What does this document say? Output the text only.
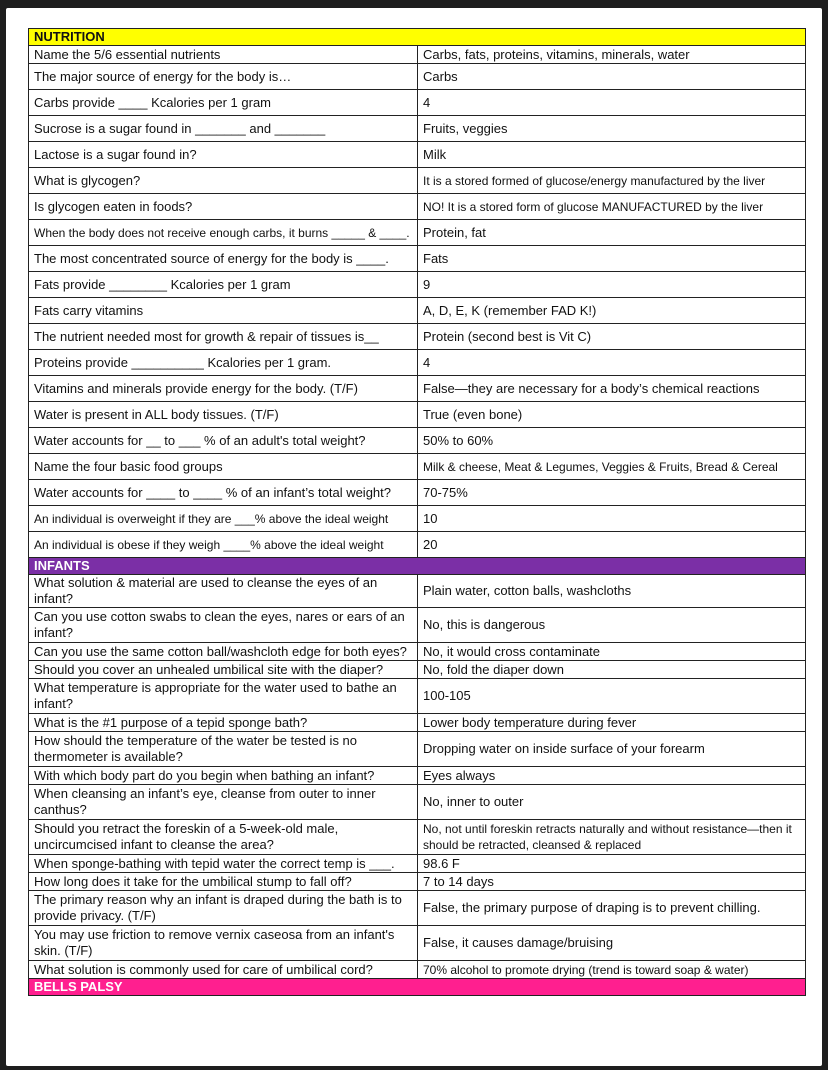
NUTRITION	
Name the 5/6 essential nutrients	Carbs, fats, proteins, vitamins, minerals, water
The major source of energy for the body is…	Carbs
Carbs provide ____ Kcalories per 1 gram	4
Sucrose is a sugar found in _______ and _______	Fruits, veggies
Lactose is a sugar found in?	Milk
What is glycogen?	It is a stored formed of glucose/energy manufactured by the liver
Is glycogen eaten in foods?	NO! It is a stored form of glucose MANUFACTURED by the liver
When the body does not receive enough carbs, it burns _____ & ____.	Protein, fat
The most concentrated source of energy for the body is ____.	Fats
Fats provide ________ Kcalories per 1 gram	9
Fats carry vitamins	A, D, E, K (remember FAD K!)
The nutrient needed most for growth & repair of tissues is__	Protein (second best is Vit C)
Proteins provide __________ Kcalories per 1 gram.	4
Vitamins and minerals provide energy for the body. (T/F)	False—they are necessary for a body’s chemical reactions
Water is present in ALL body tissues. (T/F)	True (even bone)
Water accounts for __ to ___ % of an adult's total weight?	50% to 60%
Name the four basic food groups	Milk & cheese, Meat & Legumes, Veggies & Fruits, Bread & Cereal
Water accounts for ____ to ____ % of an infant’s total weight?	70-75%
An individual is overweight if they are ___% above the ideal weight	10
An individual is obese if they weigh ____% above the ideal weight	20
INFANTS	
What solution & material are used to cleanse the eyes of an infant?	Plain water, cotton balls, washcloths
Can you use cotton swabs to clean the eyes, nares or ears of an infant?	No, this is dangerous
Can you use the same cotton ball/washcloth edge for both eyes?	No, it would cross contaminate
Should you cover an unhealed umbilical site with the diaper?	No, fold the diaper down
What temperature is appropriate for the water used to bathe an infant?	100-105
What is the #1 purpose of a tepid sponge bath?	Lower body temperature during fever
How should the temperature of the water be tested is no thermometer is available?	Dropping water on inside surface of your forearm
With which body part do you begin when bathing an infant?	Eyes always
When cleansing an infant’s eye, cleanse from outer to inner canthus?	No, inner to outer
Should you retract the foreskin of a 5-week-old male, uncircumcised infant to cleanse the area?	No, not until foreskin retracts naturally and without resistance—then it should be retracted, cleansed & replaced
When sponge-bathing with tepid water the correct temp is ___.	98.6 F
How long does it take for the umbilical stump to fall off?	7 to 14 days
The primary reason why an infant is draped during the bath is to provide privacy. (T/F)	False, the primary purpose of draping is to prevent chilling.
You may use friction to remove vernix caseosa from an infant's skin. (T/F)	False, it causes damage/bruising
What solution is commonly used for care of umbilical cord?	70% alcohol to promote drying (trend is toward soap & water)
BELLS PALSY	
